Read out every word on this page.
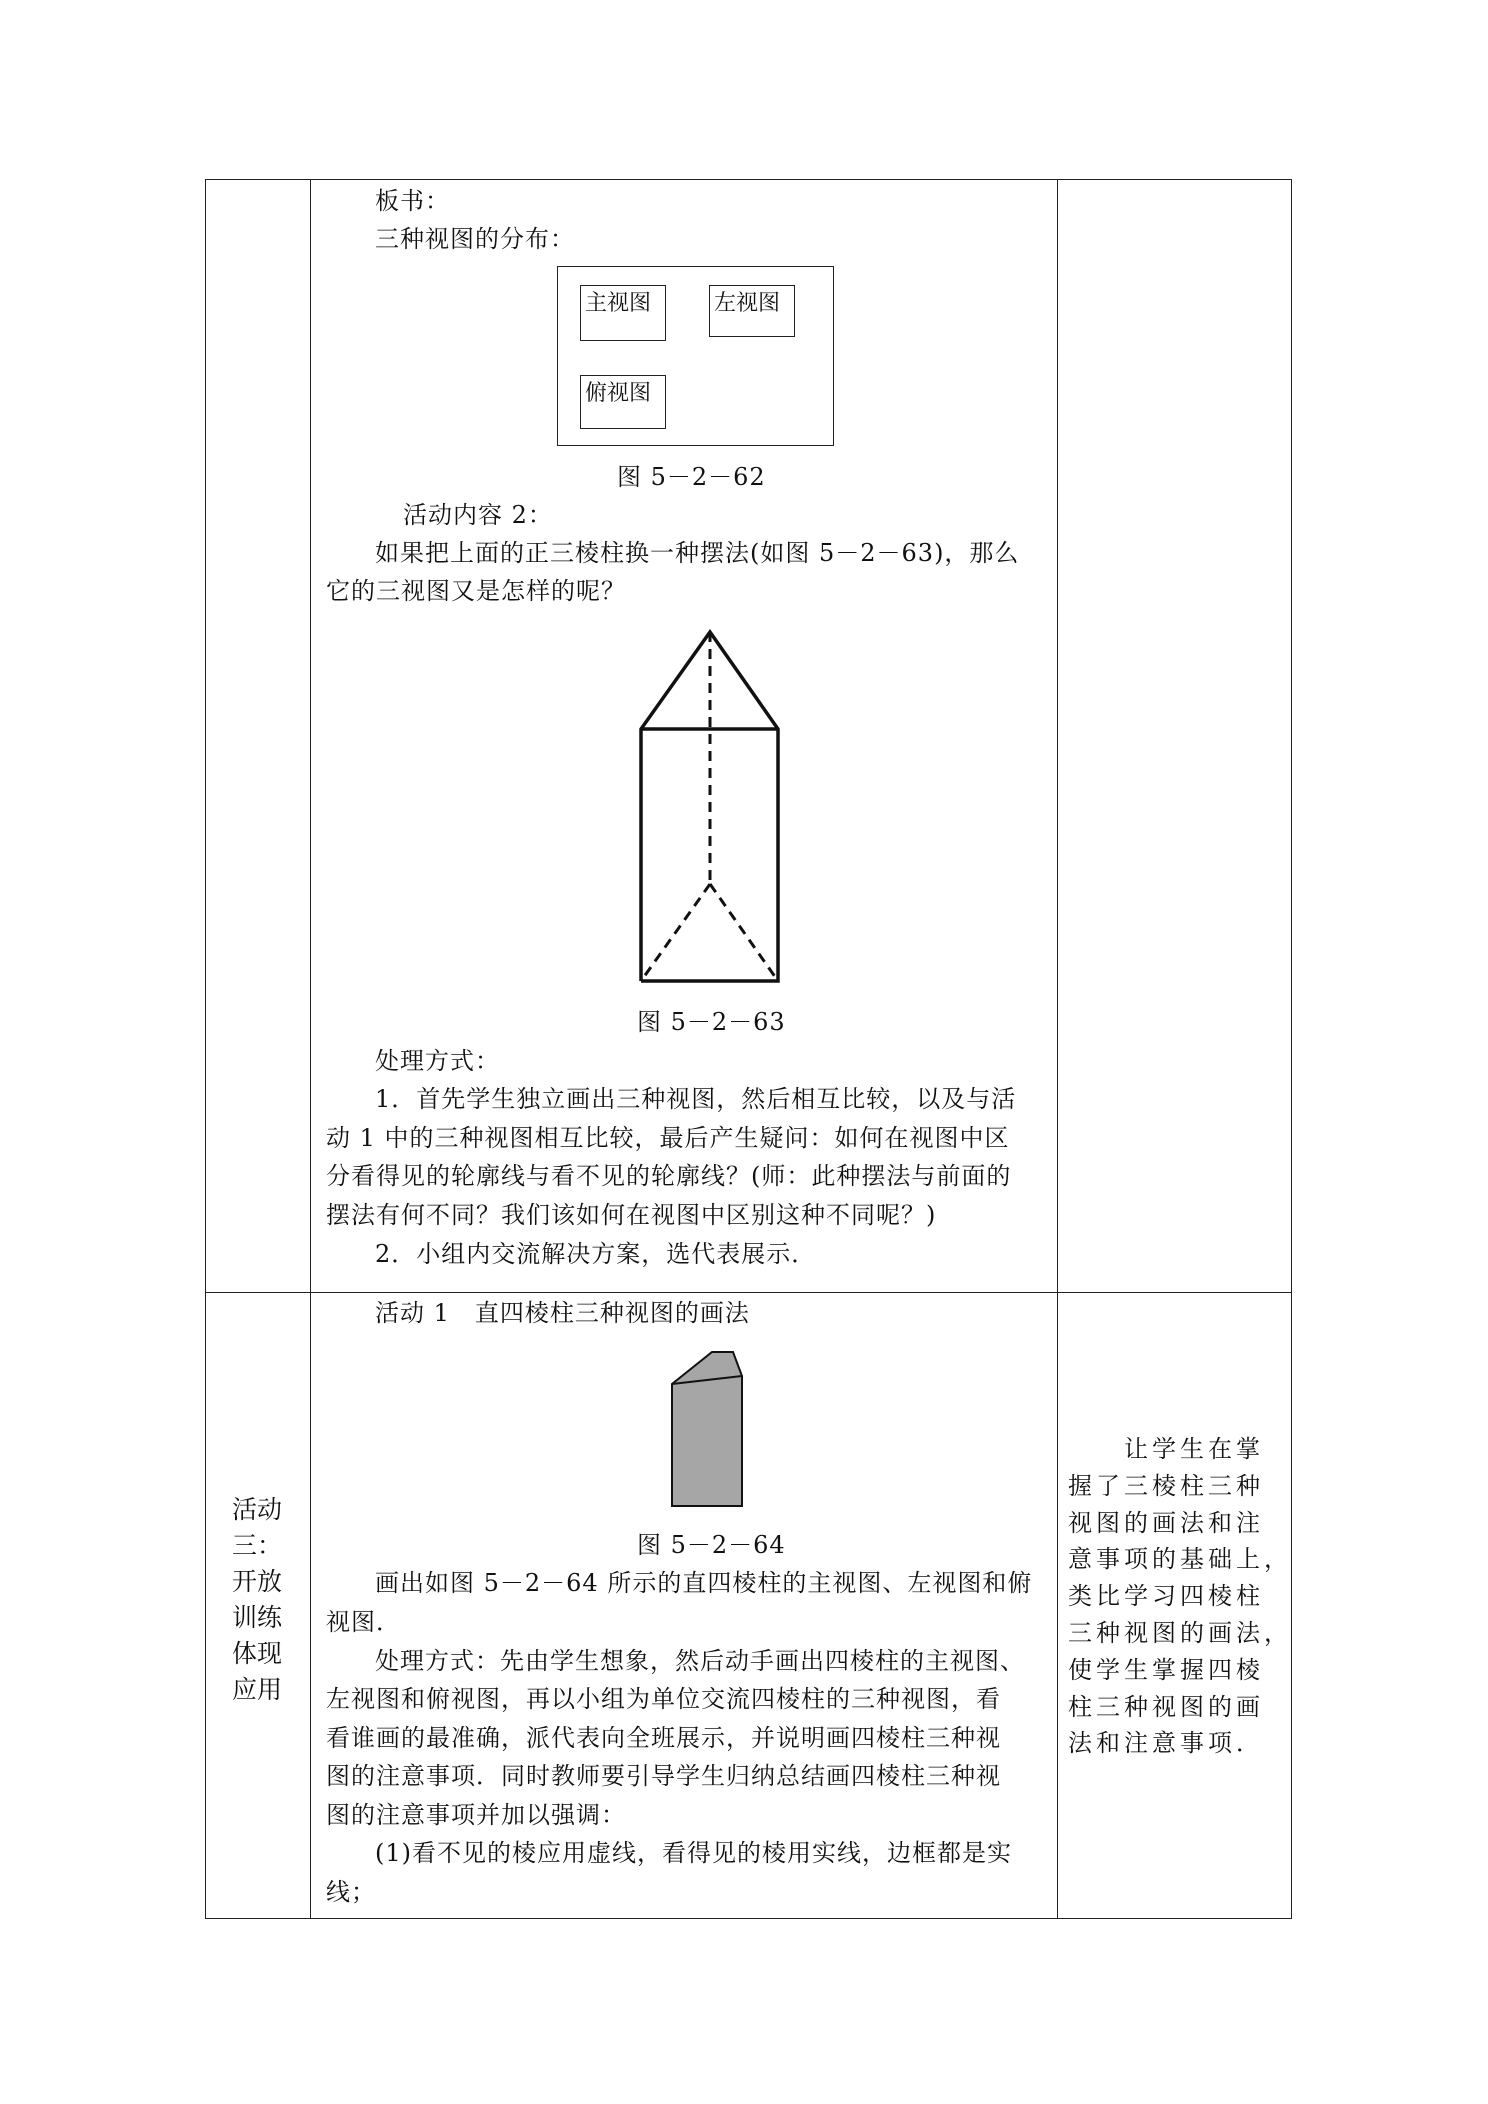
板书：
三种视图的分布：
主视图	左视图
俯视图
图 5－2－62
活动内容 2：
如果把上面的正三棱柱换一种摆法(如图 5－2－63)，那么
它的三视图又是怎样的呢？
图 5－2－63
处理方式：
1．首先学生独立画出三种视图，然后相互比较，以及与活
动 1 中的三种视图相互比较，最后产生疑问：如何在视图中区
分看得见的轮廓线与看不见的轮廓线？(师：此种摆法与前面的
摆法有何不同？我们该如何在视图中区别这种不同呢？)
2．小组内交流解决方案，选代表展示．
活动
三：
开放
训练
体现
应用
活动 1　直四棱柱三种视图的画法
图 5－2－64
　　让学生在掌
握了三棱柱三种
视图的画法和注
意事项的基础上，
类比学习四棱柱
三种视图的画法，
使学生掌握四棱
柱三种视图的画
法和注意事项．
画出如图 5－2－64 所示的直四棱柱的主视图、左视图和俯
视图．
处理方式：先由学生想象，然后动手画出四棱柱的主视图、
左视图和俯视图，再以小组为单位交流四棱柱的三种视图，看
看谁画的最准确，派代表向全班展示，并说明画四棱柱三种视
图的注意事项．同时教师要引导学生归纳总结画四棱柱三种视
图的注意事项并加以强调：
(1)看不见的棱应用虚线，看得见的棱用实线，边框都是实
线；
